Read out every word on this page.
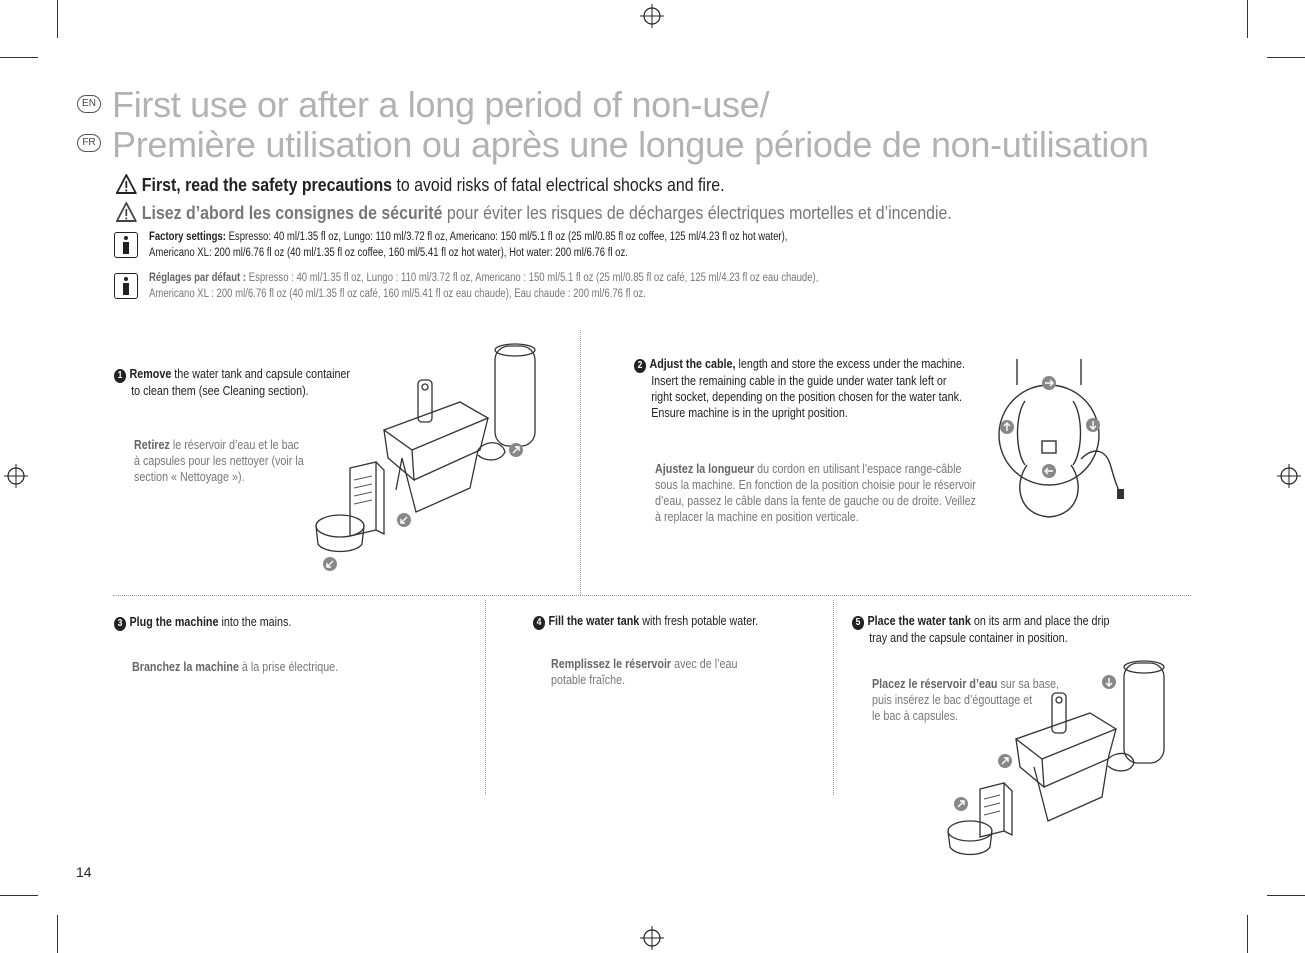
EN First use or after a long period of non-use/
FR Première utilisation ou après une longue période de non-utilisation
First, read the safety precautions to avoid risks of fatal electrical shocks and fire.
Lisez d’abord les consignes de sécurité pour éviter les risques de décharges électriques mortelles et d’incendie.
Factory settings: Espresso: 40 ml/1.35 fl oz, Lungo: 110 ml/3.72 fl oz, Americano: 150 ml/5.1 fl oz (25 ml/0.85 fl oz coffee, 125 ml/4.23 fl oz hot water),
Americano XL: 200 ml/6.76 fl oz (40 ml/1.35 fl oz coffee, 160 ml/5.41 fl oz hot water), Hot water: 200 ml/6.76 fl oz.
Réglages par défaut : Espresso : 40 ml/1.35 fl oz, Lungo : 110 ml/3.72 fl oz, Americano : 150 ml/5.1 fl oz (25 ml/0.85 fl oz café, 125 ml/4.23 fl oz eau chaude),
Americano XL : 200 ml/6.76 fl oz (40 ml/1.35 fl oz café, 160 ml/5.41 fl oz eau chaude), Eau chaude : 200 ml/6.76 fl oz.
1 Remove the water tank and capsule container
to clean them (see Cleaning section).
Retirez le réservoir d’eau et le bac
à capsules pour les nettoyer (voir la
section « Nettoyage »).
2 Adjust the cable, length and store the excess under the machine.
Insert the remaining cable in the guide under water tank left or
right socket, depending on the position chosen for the water tank.
Ensure machine is in the upright position.
Ajustez la longueur du cordon en utilisant l’espace range-câble
sous la machine. En fonction de la position choisie pour le réservoir
d’eau, passez le câble dans la fente de gauche ou de droite. Veillez
à replacer la machine en position verticale.
3 Plug the machine into the mains.
Branchez la machine à la prise électrique.
4 Fill the water tank with fresh potable water.
Remplissez le réservoir avec de l’eau
potable fraîche.
5 Place the water tank on its arm and place the drip
tray and the capsule container in position.
Placez le réservoir d’eau sur sa base,
puis insérez le bac d’égouttage et
le bac à capsules.
14
